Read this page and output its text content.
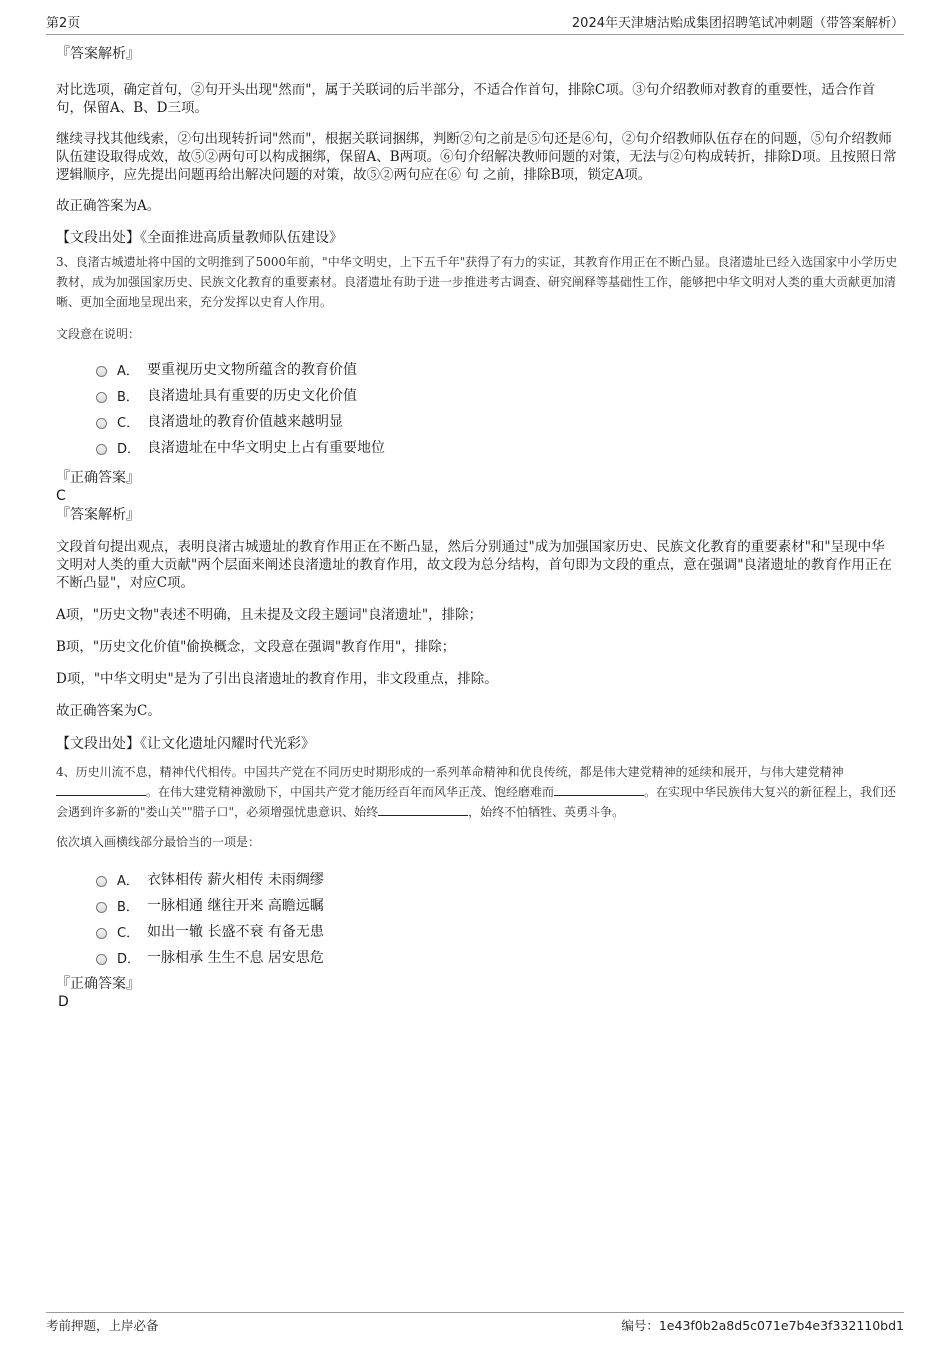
第2页	2024年天津塘沽贻成集团招聘笔试冲刺题（带答案解析）
『答案解析』
对比选项，确定首句，②句开头出现"然而"，属于关联词的后半部分，不适合作首句，排除C项。③句介绍教师对教育的重要性，适合作首句，保留A、B、D三项。
继续寻找其他线索，②句出现转折词"然而"，根据关联词捆绑，判断②句之前是⑤句还是⑥句，②句介绍教师队伍存在的问题，⑤句介绍教师队伍建设取得成效，故⑤②两句可以构成捆绑，保留A、B两项。⑥句介绍解决教师问题的对策，无法与②句构成转折，排除D项。且按照日常逻辑顺序，应先提出问题再给出解决问题的对策，故⑤②两句应在⑥ 句 之前，排除B项，锁定A项。
故正确答案为A。
【文段出处】《全面推进高质量教师队伍建设》
3、良渚古城遗址将中国的文明推到了5000年前，"中华文明史，上下五千年"获得了有力的实证，其教育作用正在不断凸显。良渚遗址已经入选国家中小学历史教材，成为加强国家历史、民族文化教育的重要素材。良渚遗址有助于进一步推进考古调查、研究阐释等基础性工作，能够把中华文明对人类的重大贡献更加清晰、更加全面地呈现出来，充分发挥以史育人作用。
文段意在说明：
A． 要重视历史文物所蕴含的教育价值
B． 良渚遗址具有重要的历史文化价值
C． 良渚遗址的教育价值越来越明显
D． 良渚遗址在中华文明史上占有重要地位
『正确答案』
C
『答案解析』
文段首句提出观点，表明良渚古城遗址的教育作用正在不断凸显，然后分别通过"成为加强国家历史、民族文化教育的重要素材"和"呈现中华文明对人类的重大贡献"两个层面来阐述良渚遗址的教育作用，故文段为总分结构，首句即为文段的重点，意在强调"良渚遗址的教育作用正在不断凸显"，对应C项。
A项，"历史文物"表述不明确，且未提及文段主题词"良渚遗址"，排除；
B项，"历史文化价值"偷换概念，文段意在强调"教育作用"，排除；
D项，"中华文明史"是为了引出良渚遗址的教育作用，非文段重点，排除。
故正确答案为C。
【文段出处】《让文化遗址闪耀时代光彩》
4、历史川流不息，精神代代相传。中国共产党在不同历史时期形成的一系列革命精神和优良传统，都是伟大建党精神的延续和展开，与伟大建党精神。在伟大建党精神激励下，中国共产党才能历经百年而风华正茂、饱经磨难而	。在实现中华民族伟大复兴的新征程上，我们还会遇到许多新的"娄山关""腊子口"，必须增强忧患意识、始终	，始终不怕牺牲、英勇斗争。
依次填入画横线部分最恰当的一项是：
A． 衣钵相传 薪火相传 未雨绸缪
B． 一脉相通 继往开来 高瞻远瞩
C． 如出一辙 长盛不衰 有备无患
D． 一脉相承 生生不息 居安思危
『正确答案』
D
考前押题，上岸必备	编号：1e43f0b2a8d5c071e7b4e3f332110bd1
